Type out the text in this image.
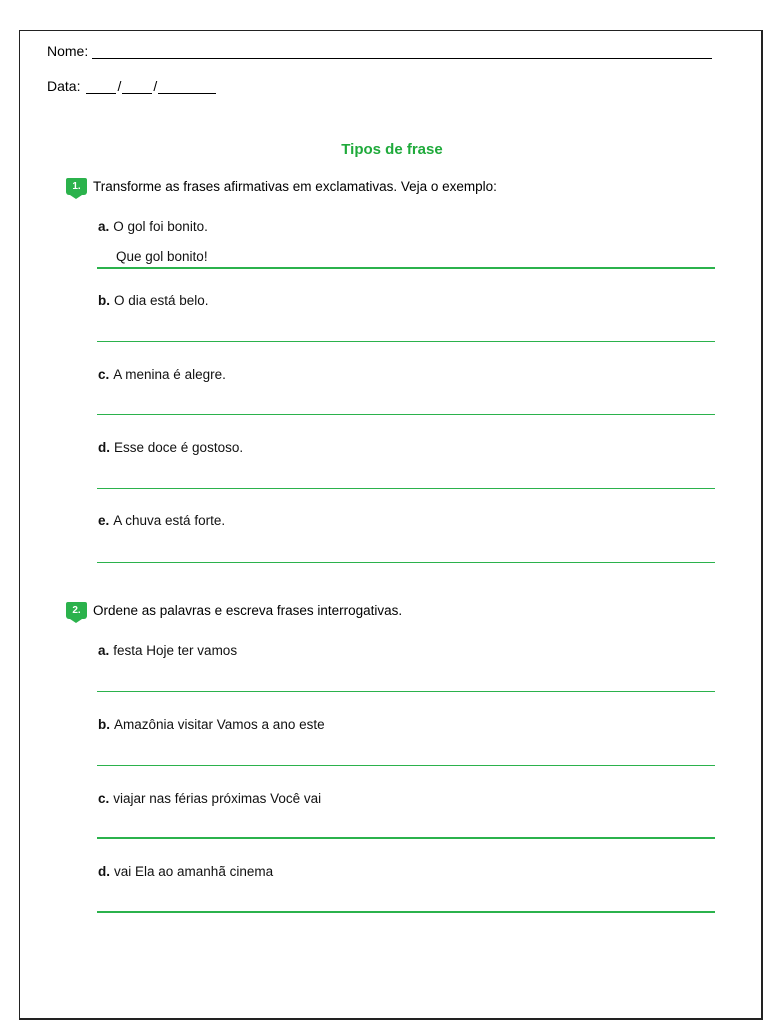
Nome:
Data:	/ /
Tipos de frase
1. Transforme as frases afirmativas em exclamativas. Veja o exemplo:
a. O gol foi bonito.
Que gol bonito!
b. O dia está belo.
c. A menina é alegre.
d. Esse doce é gostoso.
e. A chuva está forte.
2. Ordene as palavras e escreva frases interrogativas.
a. festa Hoje ter vamos
b. Amazônia visitar Vamos a ano este
c. viajar nas férias próximas Você vai
d. vai Ela ao amanhã cinema
